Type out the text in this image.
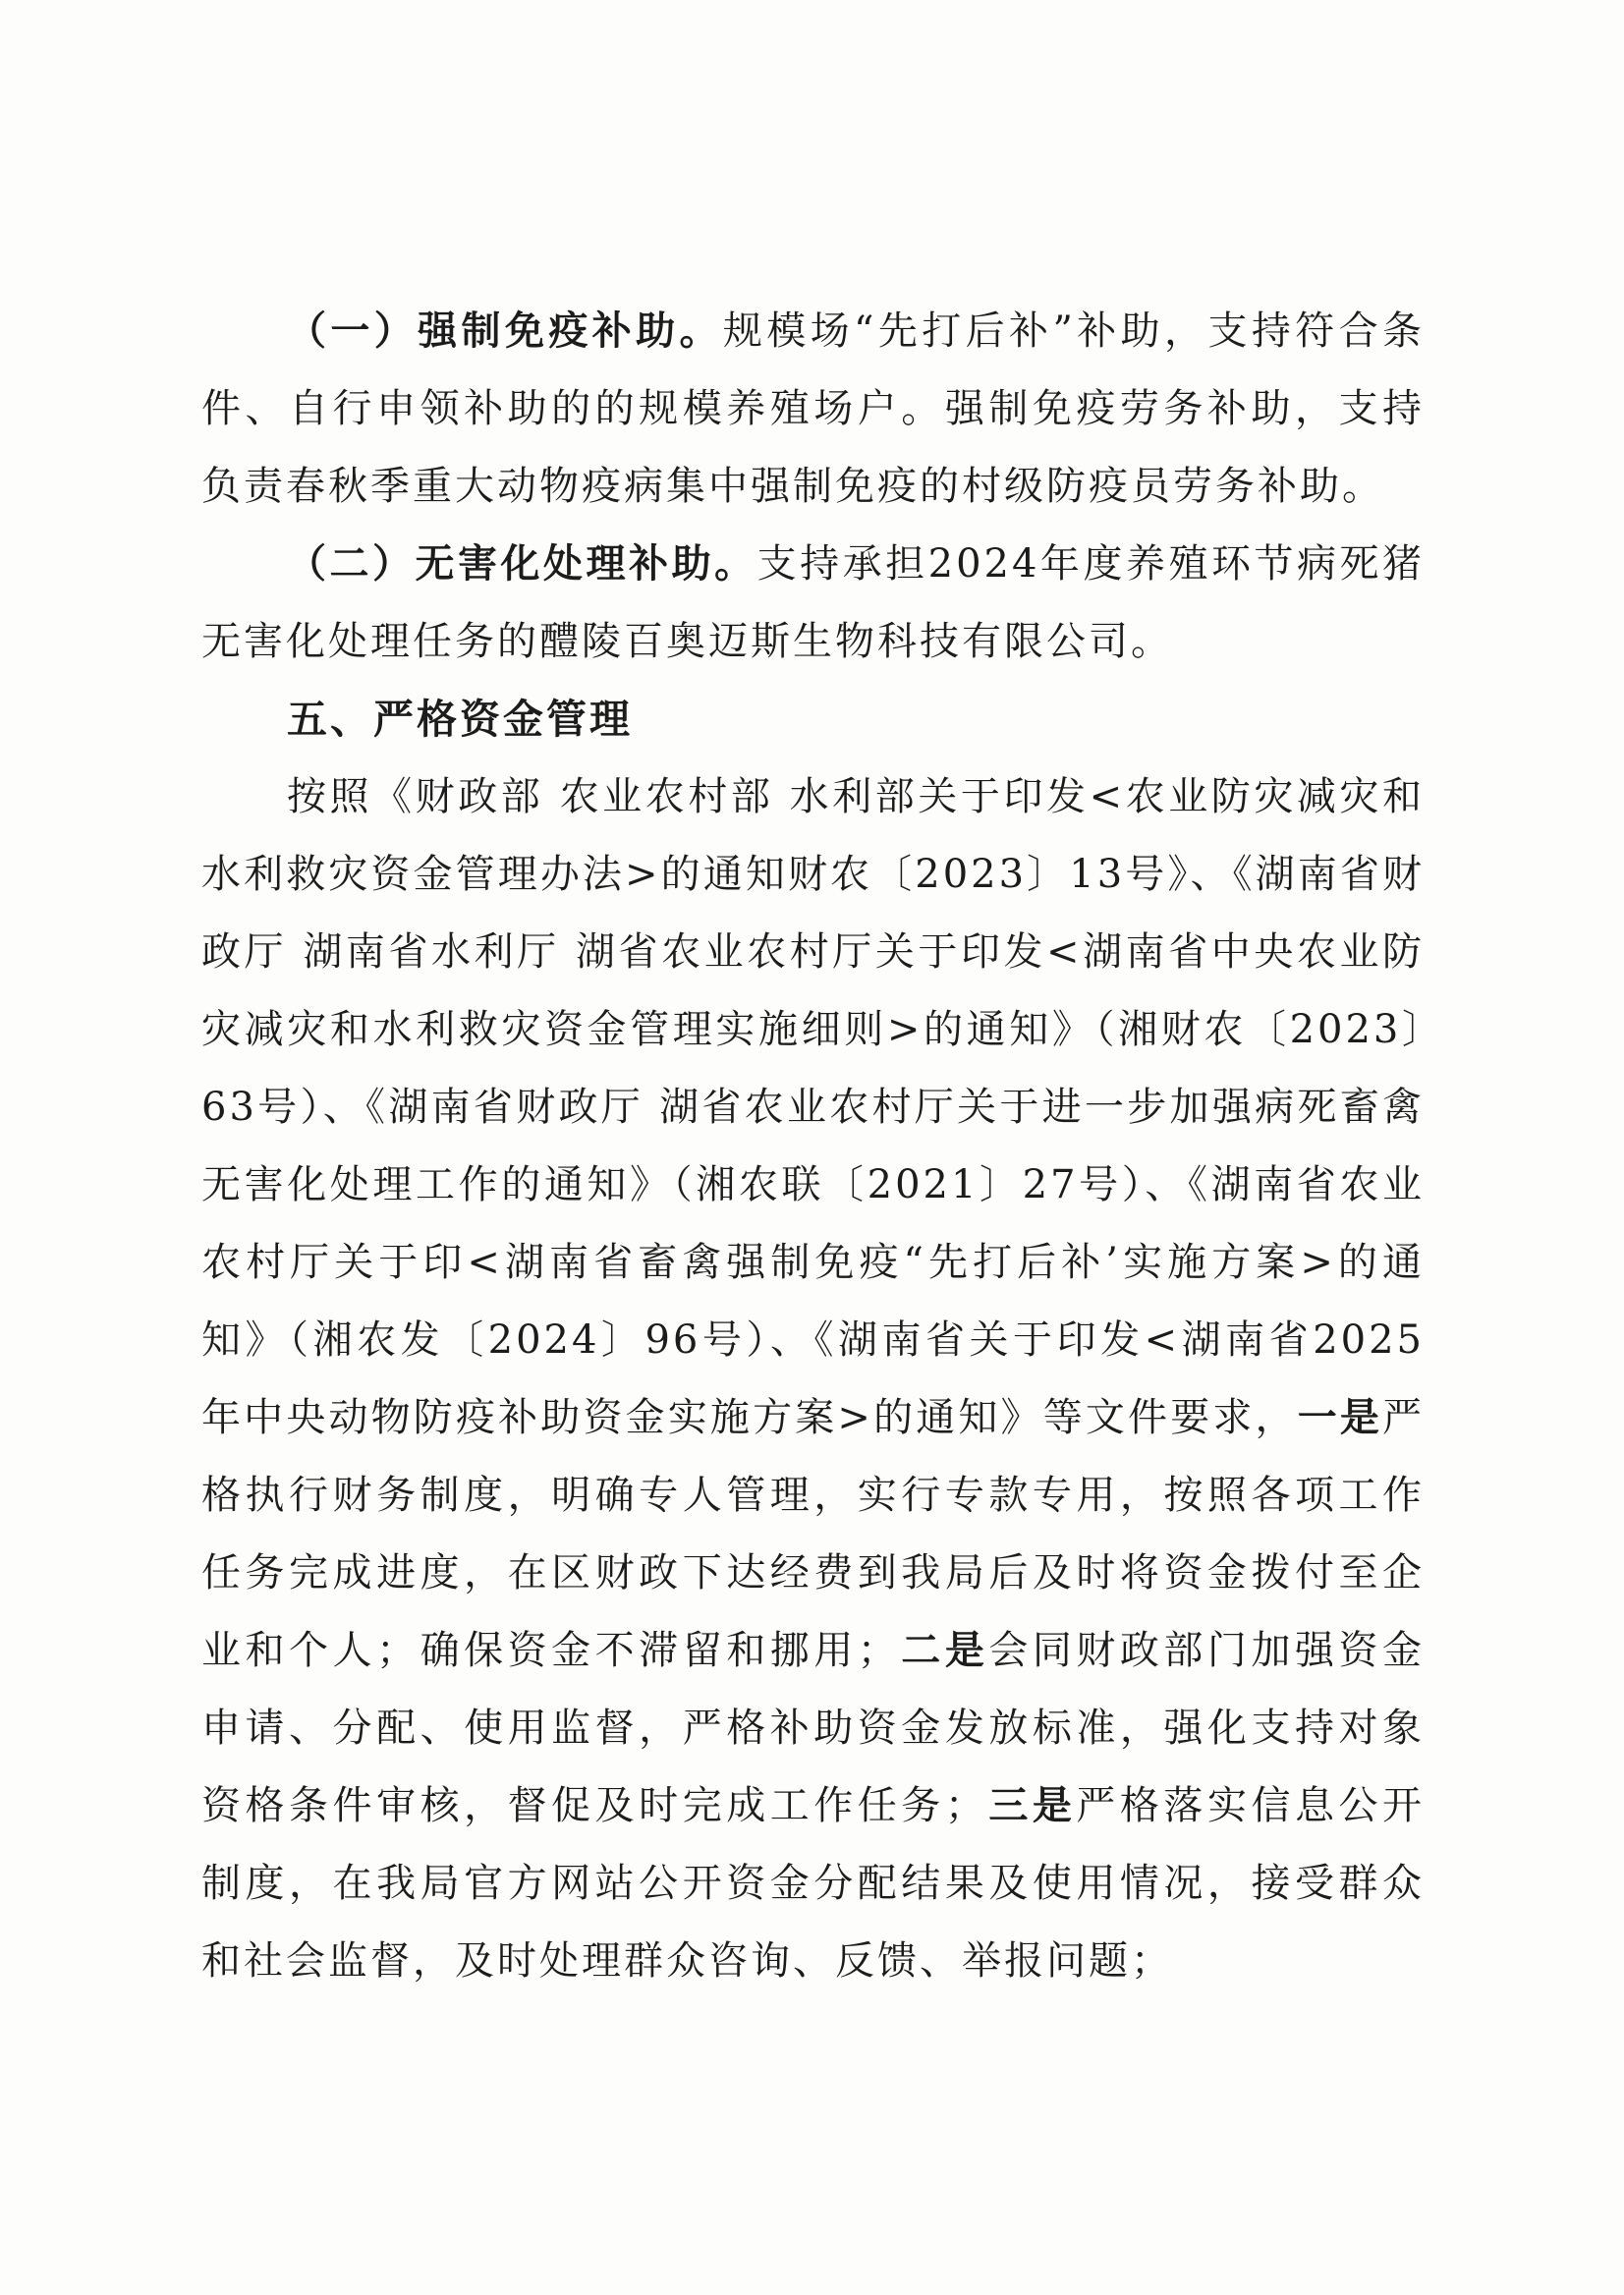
（一）强制免疫补助。规模场“先打后补”补助，支持符合条件、自行申领补助的的规模养殖场户。强制免疫劳务补助，支持负责春秋季重大动物疫病集中强制免疫的村级防疫员劳务补助。

（二）无害化处理补助。支持承担2024年度养殖环节病死猪无害化处理任务的醴陵百奥迈斯生物科技有限公司。

五、严格资金管理

按照《财政部 农业农村部 水利部关于印发<农业防灾减灾和水利救灾资金管理办法>的通知财农〔2023〕13号》、《湖南省财政厅 湖南省水利厅 湖省农业农村厅关于印发<湖南省中央农业防灾减灾和水利救灾资金管理实施细则>的通知》（湘财农〔2023〕63号）、《湖南省财政厅 湖省农业农村厅关于进一步加强病死畜禽无害化处理工作的通知》（湘农联〔2021〕27号）、《湖南省农业农村厅关于印<湖南省畜禽强制免疫“先打后补’实施方案>的通知》（湘农发〔2024〕96号）、《湖南省关于印发<湖南省2025年中央动物防疫补助资金实施方案>的通知》等文件要求，一是严格执行财务制度，明确专人管理，实行专款专用，按照各项工作任务完成进度，在区财政下达经费到我局后及时将资金拨付至企业和个人；确保资金不滞留和挪用；二是会同财政部门加强资金申请、分配、使用监督，严格补助资金发放标准，强化支持对象资格条件审核，督促及时完成工作任务；三是严格落实信息公开制度，在我局官方网站公开资金分配结果及使用情况，接受群众和社会监督，及时处理群众咨询、反馈、举报问题；
